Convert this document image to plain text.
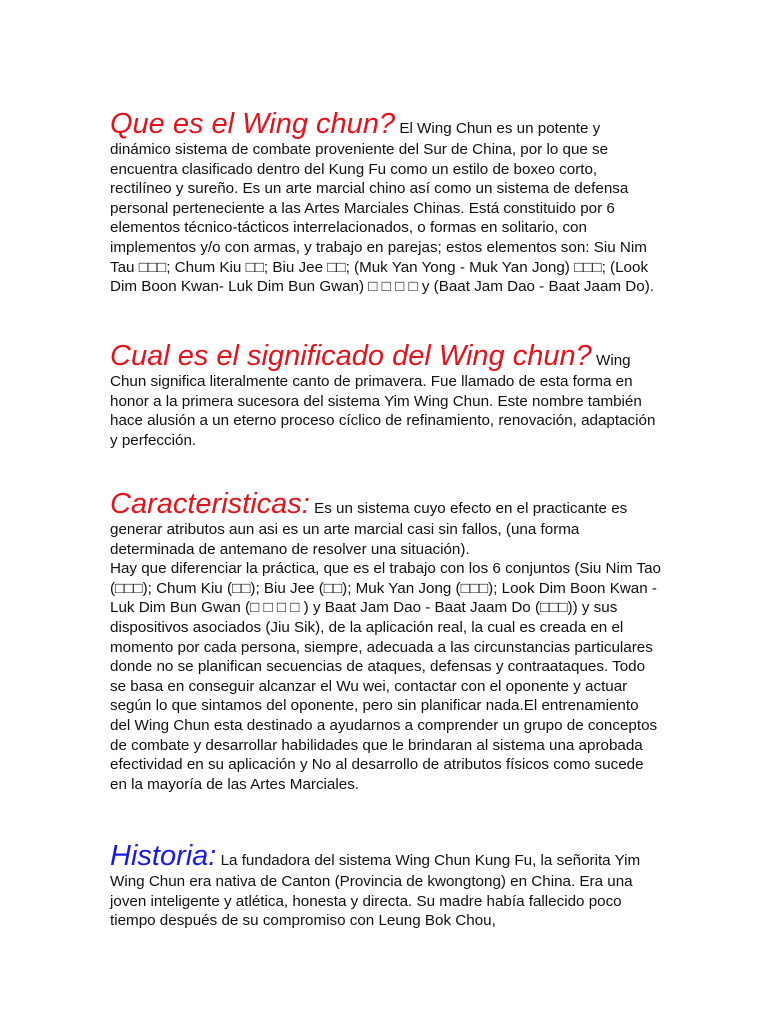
Que es el Wing chun? El Wing Chun es un potente y dinámico sistema de combate proveniente del Sur de China, por lo que se encuentra clasificado dentro del Kung Fu como un estilo de boxeo corto, rectilíneo y sureño. Es un arte marcial chino así como un sistema de defensa personal perteneciente a las Artes Marciales Chinas. Está constituido por 6 elementos técnico-tácticos interrelacionados, o formas en solitario, con implementos y/o con armas, y trabajo en parejas; estos elementos son: Siu Nim Tau □□□; Chum Kiu □□; Biu Jee □□; (Muk Yan Yong - Muk Yan Jong) □□□; (Look Dim Boon Kwan- Luk Dim Bun Gwan) □ □ □ □ y (Baat Jam Dao - Baat Jaam Do).

Cual es el significado del Wing chun? Wing Chun significa literalmente canto de primavera. Fue llamado de esta forma en honor a la primera sucesora del sistema Yim Wing Chun. Este nombre también hace alusión a un eterno proceso cíclico de refinamiento, renovación, adaptación y perfección.

Caracteristicas: Es un sistema cuyo efecto en el practicante es generar atributos aun asi es un arte marcial casi sin fallos, (una forma determinada de antemano de resolver una situación).
Hay que diferenciar la práctica, que es el trabajo con los 6 conjuntos (Siu Nim Tao (□□□); Chum Kiu (□□); Biu Jee (□□); Muk Yan Jong (□□□); Look Dim Boon Kwan - Luk Dim Bun Gwan (□ □ □ □ ) y Baat Jam Dao - Baat Jaam Do (□□□)) y sus dispositivos asociados (Jiu Sik), de la aplicación real, la cual es creada en el momento por cada persona, siempre, adecuada a las circunstancias particulares donde no se planifican secuencias de ataques, defensas y contraataques. Todo se basa en conseguir alcanzar el Wu wei, contactar con el oponente y actuar según lo que sintamos del oponente, pero sin planificar nada.El entrenamiento del Wing Chun esta destinado a ayudarnos a comprender un grupo de conceptos de combate y desarrollar habilidades que le brindaran al sistema una aprobada efectividad en su aplicación y No al desarrollo de atributos físicos como sucede en la mayoría de las Artes Marciales.

Historia: La fundadora del sistema Wing Chun Kung Fu, la señorita Yim Wing Chun era nativa de Canton (Provincia de kwongtong) en China. Era una joven inteligente y atlética, honesta y directa. Su madre había fallecido poco tiempo después de su compromiso con Leung Bok Chou,
